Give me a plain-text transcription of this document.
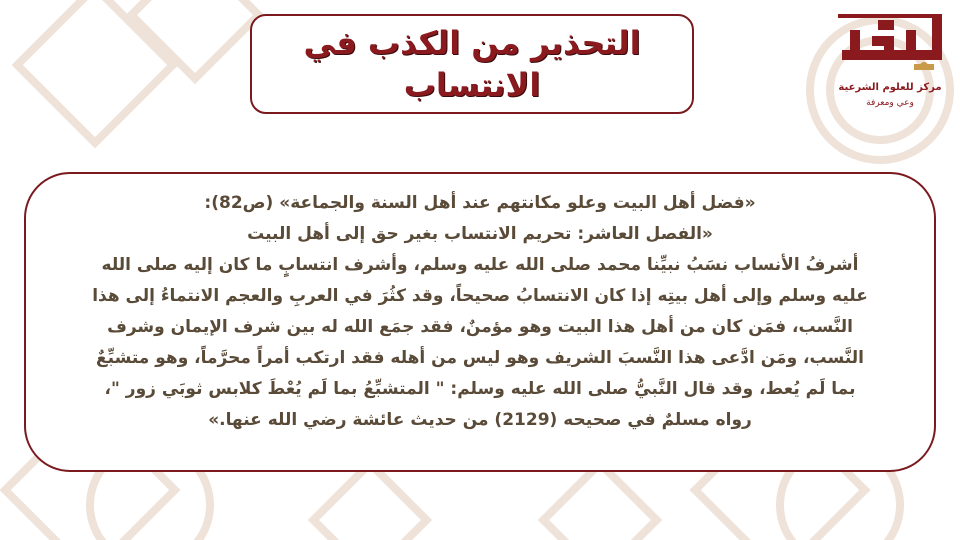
التحذير من الكذب في
الانتساب	مركز للعلوم الشرعية
وعي ومعرفة

«فضل أهل البيت وعلو مكانتهم عند أهل السنة والجماعة» (ص82):

«الفصل العاشر: تحريم الانتساب بغير حق إلى أهل البيت

أشرفُ الأنساب نسَبُ نبيِّنا محمد صلى الله عليه وسلم، وأشرف انتسابٍ ما كان إليه صلى الله

عليه وسلم وإلى أهل بيتِه إذا كان الانتسابُ صحيحاً، وقد كثُرَ في العربِ والعجم الانتماءُ إلى هذا

النَّسب، فمَن كان من أهل هذا البيت وهو مؤمنٌ، فقد جمَع الله له بين شرف الإيمان وشرف

النَّسب، ومَن ادَّعى هذا النَّسبَ الشريف وهو ليس من أهله فقد ارتكب أمراً محرَّماً، وهو متشبِّعٌ

بما لَم يُعط، وقد قال النَّبيُّ صلى الله عليه وسلم: " المتشبِّعُ بما لَم يُعْطَ كلابس ثوبَي زور "،

رواه مسلمٌ في صحيحه (2129) من حديث عائشة رضي الله عنها.»
